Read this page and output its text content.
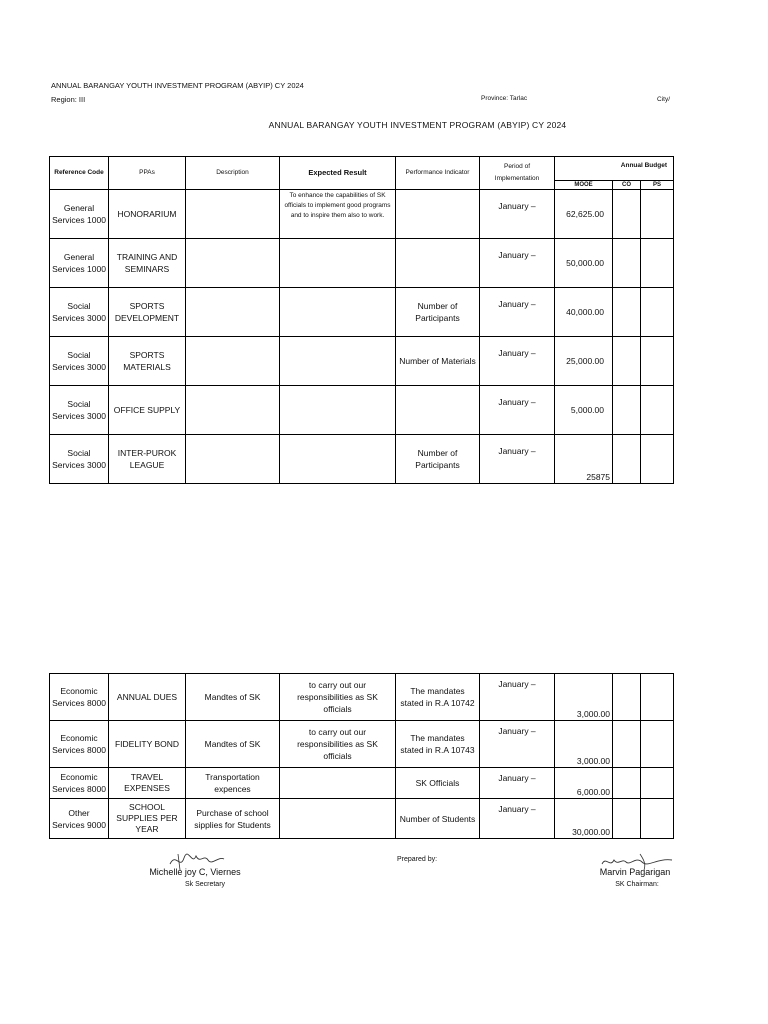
ANNUAL BARANGAY YOUTH INVESTMENT PROGRAM (ABYIP) CY 2024
Region: III	Province: Tarlac	City/
ANNUAL BARANGAY YOUTH INVESTMENT PROGRAM (ABYIP) CY 2024
Reference Code	PPAs	Description	Expected Result	Performance Indicator	Period of Implementation	Annual Budget		
						MOOE	CO	PS
General Services 1000	HONORARIUM		To enhance the capabilities of SK officials to implement good programs and to inspire them also to work.		January –	62,625.00		
General Services 1000	TRAINING AND SEMINARS				January –	50,000.00		
Social Services 3000	SPORTS DEVELOPMENT			Number of Participants	January –	40,000.00		
Social Services 3000	SPORTS MATERIALS			Number of Materials	January –	25,000.00		
Social Services 3000	OFFICE SUPPLY				January –	5,000.00		
Social Services 3000	INTER-PUROK LEAGUE			Number of Participants	January –	25875		
Economic Services 8000	ANNUAL DUES	Mandtes of SK	to carry out our responsibilities as SK officials	The mandates stated in R.A 10742	January –	3,000.00		
Economic Services 8000	FIDELITY BOND	Mandtes of SK	to carry out our responsibilities as SK officials	The mandates stated in R.A 10743	January –	3,000.00		
Economic Services 8000	TRAVEL EXPENSES	Transportation expences		SK Officials	January –	6,000.00		
Other Services 9000	SCHOOL SUPPLIES PER YEAR	Purchase of school sipplies for Students		Number of Students	January –	30,000.00		
Michelle joy C, Viernes
Sk Secretary
Prepared by:
Marvin Pagarigan
SK Chairman:
